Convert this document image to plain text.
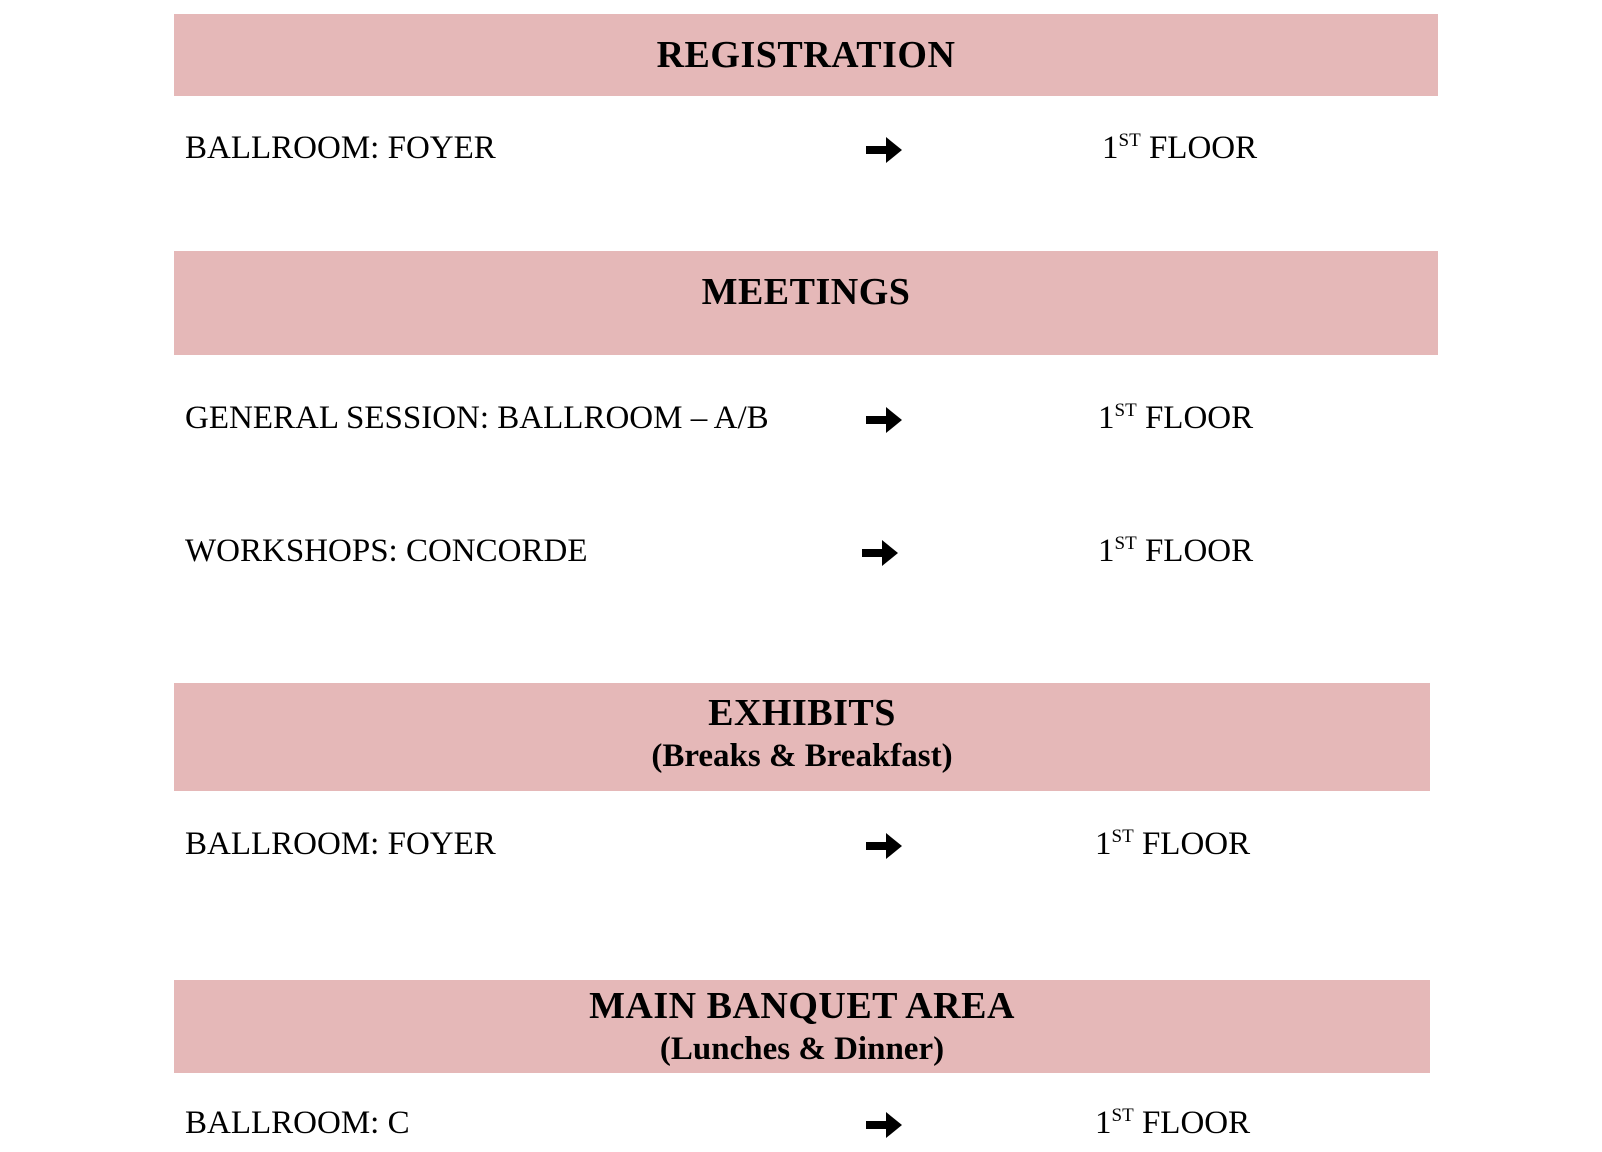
REGISTRATION
BALLROOM: FOYER	1ST FLOOR
MEETINGS
GENERAL SESSION: BALLROOM – A/B	1ST FLOOR
WORKSHOPS: CONCORDE	1ST FLOOR
EXHIBITS
(Breaks & Breakfast)
BALLROOM: FOYER	1ST FLOOR
MAIN BANQUET AREA
(Lunches & Dinner)
BALLROOM: C	1ST FLOOR
